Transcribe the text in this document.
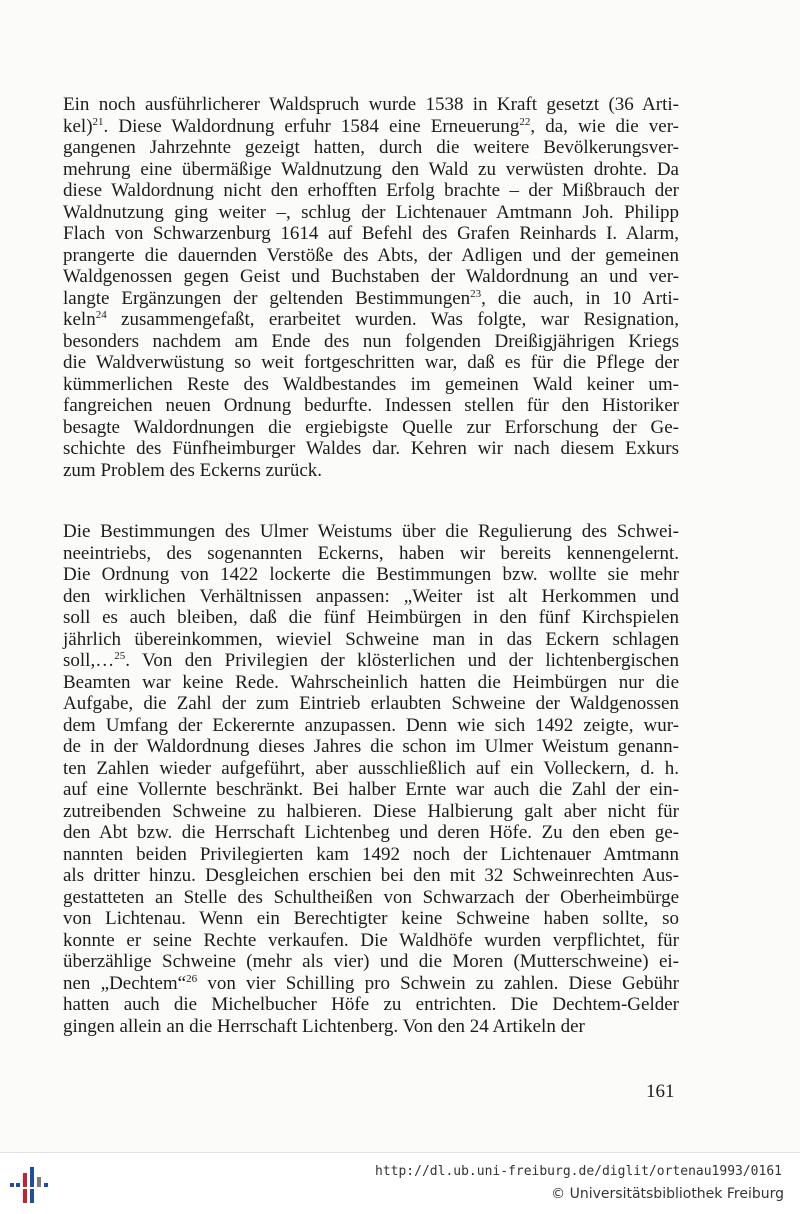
Ein noch ausführlicherer Waldspruch wurde 1538 in Kraft gesetzt (36 Arti-
kel)$^{21}$. Diese Waldordnung erfuhr 1584 eine Erneuerung$^{22}$, da, wie die ver-
gangenen Jahrzehnte gezeigt hatten, durch die weitere Bevölkerungsver-
mehrung eine übermäßige Waldnutzung den Wald zu verwüsten drohte. Da
diese Waldordnung nicht den erhofften Erfolg brachte – der Mißbrauch der
Waldnutzung ging weiter –, schlug der Lichtenauer Amtmann Joh. Philipp
Flach von Schwarzenburg 1614 auf Befehl des Grafen Reinhards I. Alarm,
prangerte die dauernden Verstöße des Abts, der Adligen und der gemeinen
Waldgenossen gegen Geist und Buchstaben der Waldordnung an und ver-
langte Ergänzungen der geltenden Bestimmungen$^{23}$, die auch, in 10 Arti-
keln$^{24}$ zusammengefaßt, erarbeitet wurden. Was folgte, war Resignation,
besonders nachdem am Ende des nun folgenden Dreißigjährigen Kriegs
die Waldverwüstung so weit fortgeschritten war, daß es für die Pflege der
kümmerlichen Reste des Waldbestandes im gemeinen Wald keiner um-
fangreichen neuen Ordnung bedurfte. Indessen stellen für den Historiker
besagte Waldordnungen die ergiebigste Quelle zur Erforschung der Ge-
schichte des Fünfheimburger Waldes dar. Kehren wir nach diesem Exkurs
zum Problem des Eckerns zurück.
Die Bestimmungen des Ulmer Weistums über die Regulierung des Schwei-
neeintriebs, des sogenannten Eckerns, haben wir bereits kennengelernt.
Die Ordnung von 1422 lockerte die Bestimmungen bzw. wollte sie mehr
den wirklichen Verhältnissen anpassen: „Weiter ist alt Herkommen und
soll es auch bleiben, daß die fünf Heimbürgen in den fünf Kirchspielen
jährlich übereinkommen, wieviel Schweine man in das Eckern schlagen
soll,…$^{25}$. Von den Privilegien der klösterlichen und der lichtenbergischen
Beamten war keine Rede. Wahrscheinlich hatten die Heimbürgen nur die
Aufgabe, die Zahl der zum Eintrieb erlaubten Schweine der Waldgenossen
dem Umfang der Eckerernte anzupassen. Denn wie sich 1492 zeigte, wur-
de in der Waldordnung dieses Jahres die schon im Ulmer Weistum genann-
ten Zahlen wieder aufgeführt, aber ausschließlich auf ein Volleckern, d. h.
auf eine Vollernte beschränkt. Bei halber Ernte war auch die Zahl der ein-
zutreibenden Schweine zu halbieren. Diese Halbierung galt aber nicht für
den Abt bzw. die Herrschaft Lichtenbeg und deren Höfe. Zu den eben ge-
nannten beiden Privilegierten kam 1492 noch der Lichtenauer Amtmann
als dritter hinzu. Desgleichen erschien bei den mit 32 Schweinrechten Aus-
gestatteten an Stelle des Schultheißen von Schwarzach der Oberheimbürge
von Lichtenau. Wenn ein Berechtigter keine Schweine haben sollte, so
konnte er seine Rechte verkaufen. Die Waldhöfe wurden verpflichtet, für
überzählige Schweine (mehr als vier) und die Moren (Mutterschweine) ei-
nen „Dechtem“$^{26}$ von vier Schilling pro Schwein zu zahlen. Diese Gebühr
hatten auch die Michelbucher Höfe zu entrichten. Die Dechtem-Gelder
gingen allein an die Herrschaft Lichtenberg. Von den 24 Artikeln der
161
http://dl.ub.uni-freiburg.de/diglit/ortenau1993/0161
© Universitätsbibliothek Freiburg
